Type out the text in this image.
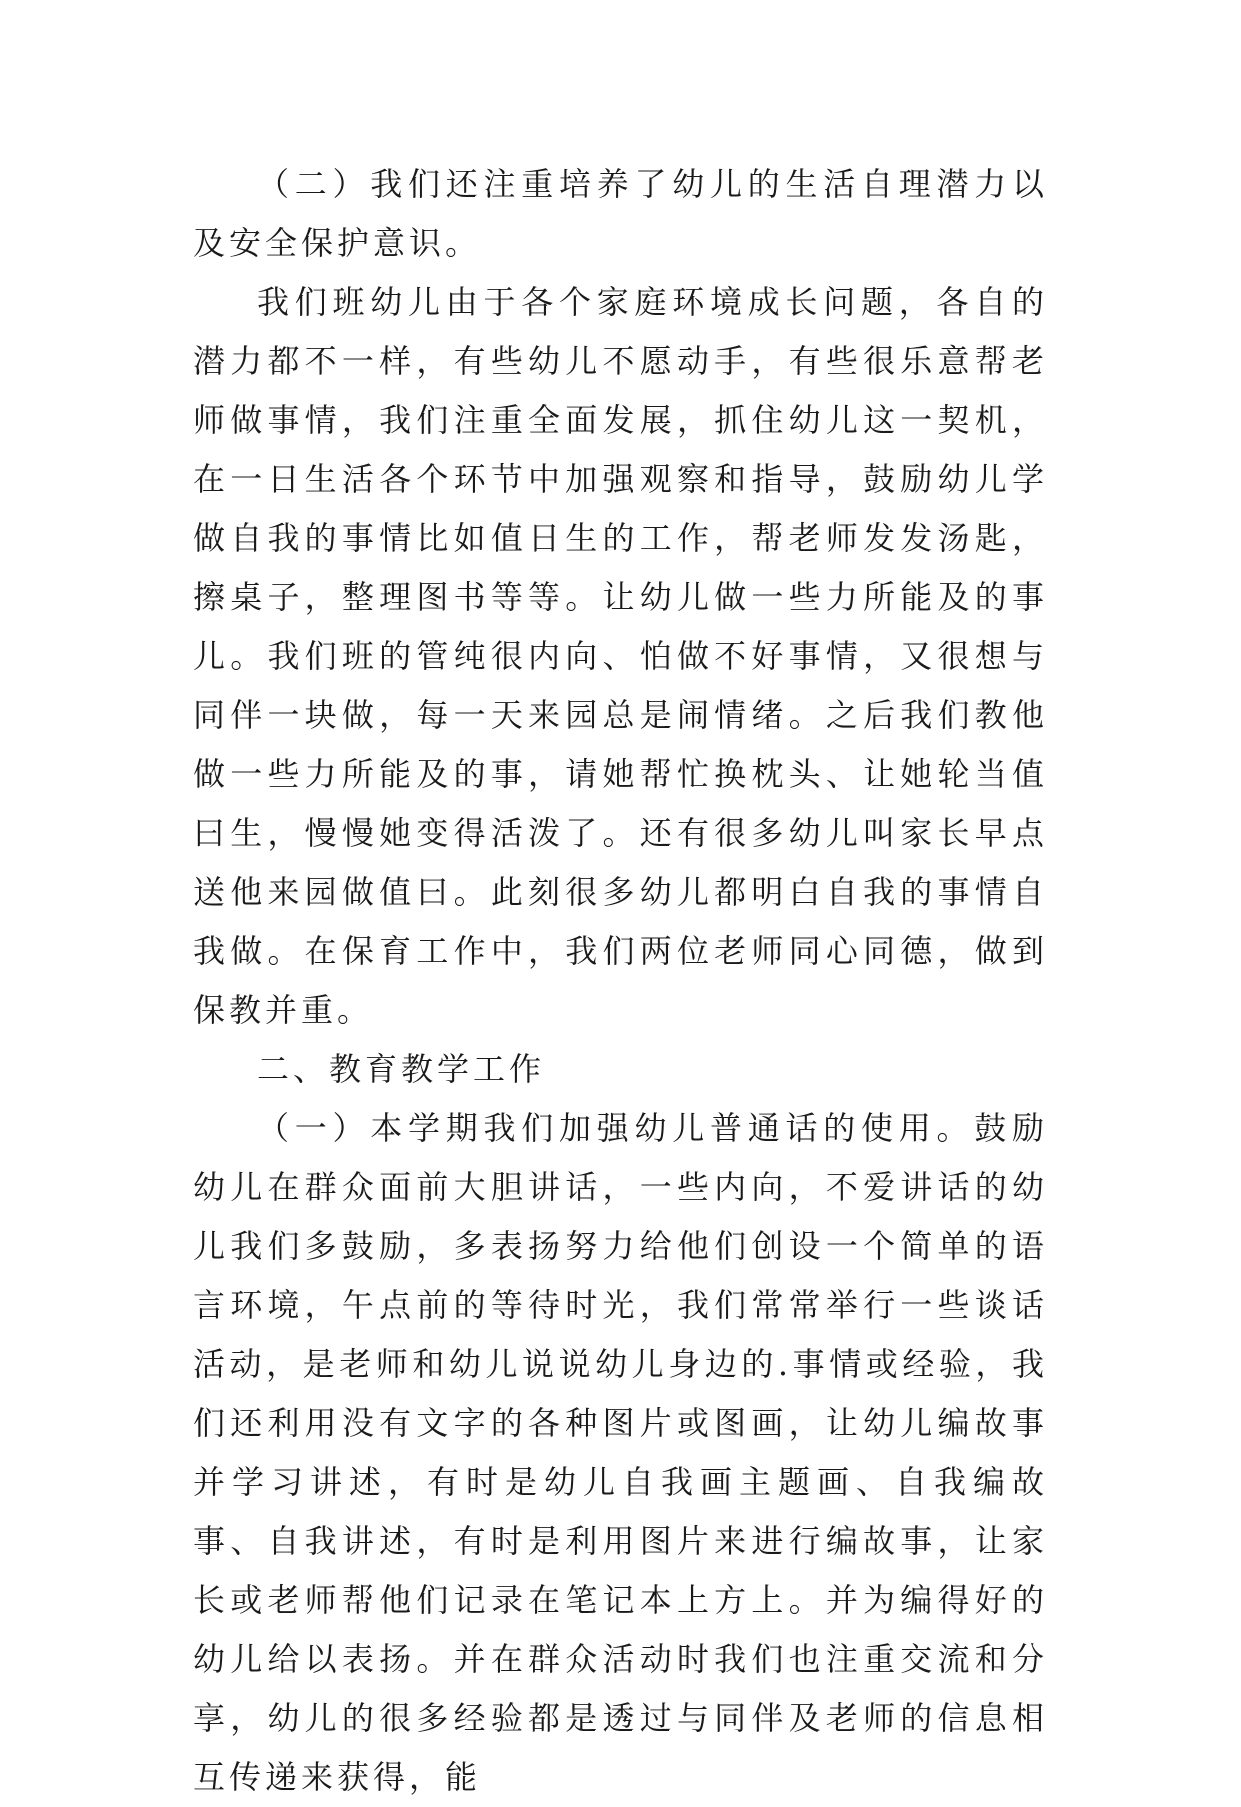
（二）我们还注重培养了幼儿的生活自理潜力以及安全保护意识。

我们班幼儿由于各个家庭环境成长问题，各自的潜力都不一样，有些幼儿不愿动手，有些很乐意帮老师做事情，我们注重全面发展，抓住幼儿这一契机，在一日生活各个环节中加强观察和指导，鼓励幼儿学做自我的事情比如值日生的工作，帮老师发发汤匙，擦桌子，整理图书等等。让幼儿做一些力所能及的事儿。我们班的管纯很内向、怕做不好事情，又很想与同伴一块做，每一天来园总是闹情绪。之后我们教他做一些力所能及的事，请她帮忙换枕头、让她轮当值曰生，慢慢她变得活泼了。还有很多幼儿叫家长早点送他来园做值曰。此刻很多幼儿都明白自我的事情自我做。在保育工作中，我们两位老师同心同德，做到保教并重。

二、教育教学工作

（一）本学期我们加强幼儿普通话的使用。鼓励幼儿在群众面前大胆讲话，一些内向，不爱讲话的幼儿我们多鼓励，多表扬努力给他们创设一个简单的语言环境，午点前的等待时光，我们常常举行一些谈话活动，是老师和幼儿说说幼儿身边的.事情或经验，我们还利用没有文字的各种图片或图画，让幼儿编故事并学习讲述，有时是幼儿自我画主题画、自我编故事、自我讲述，有时是利用图片来进行编故事，让家长或老师帮他们记录在笔记本上方上。并为编得好的幼儿给以表扬。并在群众活动时我们也注重交流和分享，幼儿的很多经验都是透过与同伴及老师的信息相互传递来获得，能
